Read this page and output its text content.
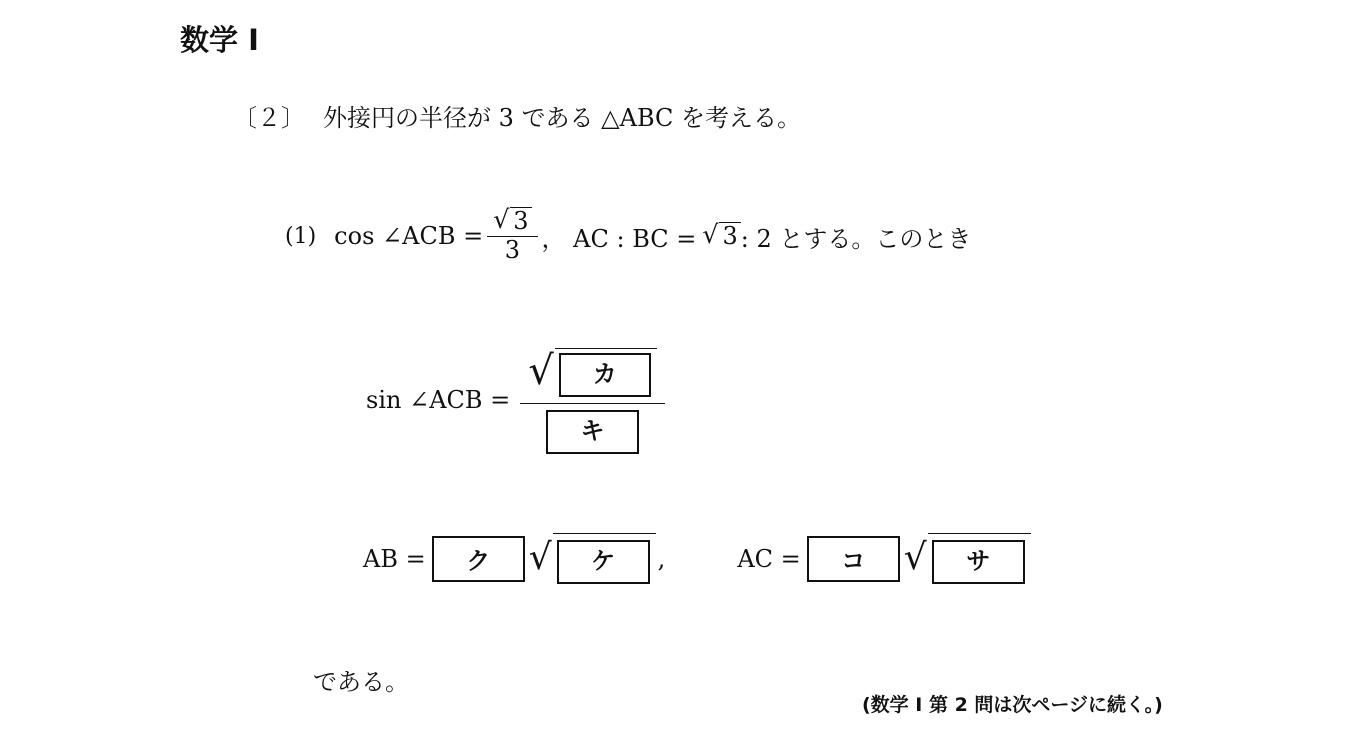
数学 I
〔２〕 外接円の半径が 3 である △ABC を考える。
(1) cos ∠ACB = $\frac{√ 3}{3}$ ， AC : BC = √ 3 : 2 とする。このとき
sin ∠ACB = √	カ
キ
AB =	ク	√	ケ	,	AC =	コ	√	サ
である。
(数学 I 第 2 問は次ページに続く。)
